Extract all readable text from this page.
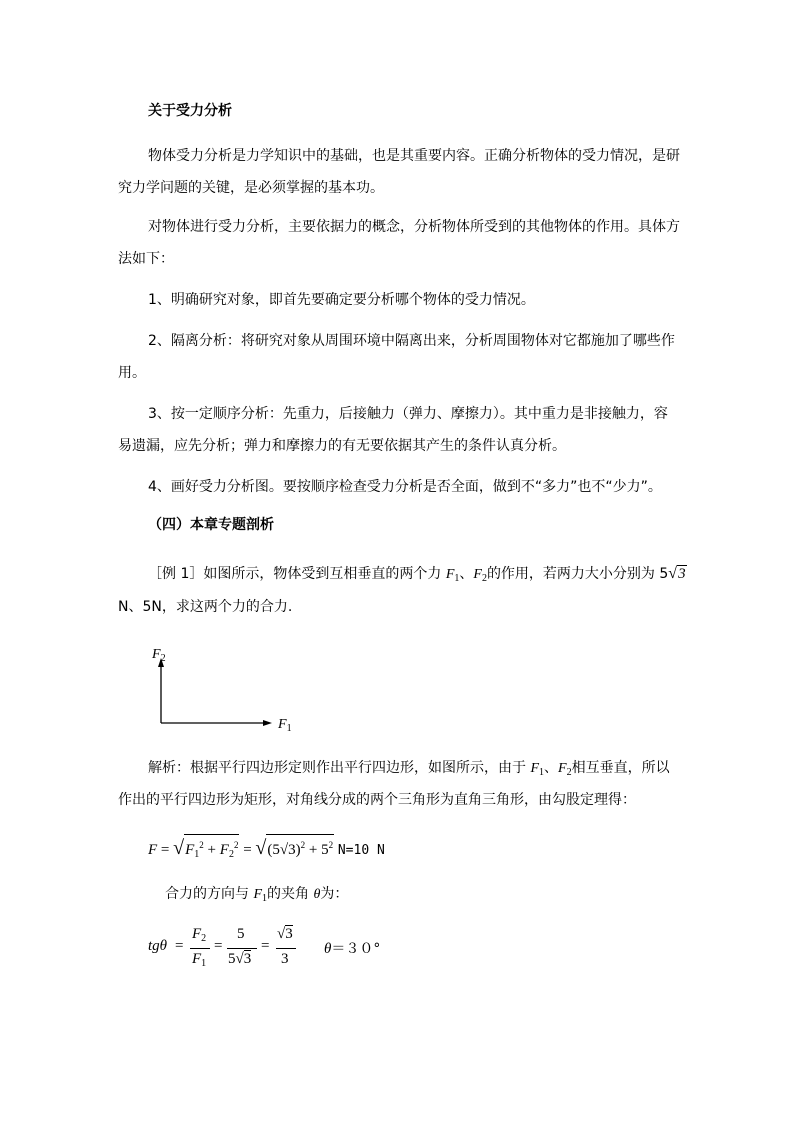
关于受力分析
物体受力分析是力学知识中的基础，也是其重要内容。正确分析物体的受力情况，是研
究力学问题的关键，是必须掌握的基本功。
对物体进行受力分析，主要依据力的概念，分析物体所受到的其他物体的作用。具体方
法如下：
1、明确研究对象，即首先要确定要分析哪个物体的受力情况。
2、隔离分析：将研究对象从周围环境中隔离出来，分析周围物体对它都施加了哪些作
用。
3、按一定顺序分析：先重力，后接触力（弹力、摩擦力）。其中重力是非接触力，容
易遗漏，应先分析；弹力和摩擦力的有无要依据其产生的条件认真分析。
4、画好受力分析图。要按顺序检查受力分析是否全面，做到不“多力”也不“少力”。
（四）本章专题剖析
［例 1］如图所示，物体受到互相垂直的两个力 $F_1$、$F_2$的作用，若两力大小分别为 5√3
N、5N，求这两个力的合力.
$F_2$
$F_1$
解析：根据平行四边形定则作出平行四边形，如图所示，由于 $F_1$、$F_2$相互垂直，所以
作出的平行四边形为矩形，对角线分成的两个三角形为直角三角形，由勾股定理得：
$F = √F_1^2 + F_2^2 = √(5√3)^2 + 5^2$ N=10 N
合力的方向与 $F_1$的夹角 θ为：
tgθ =
$F_2$
$F_1$
=
5
5√3
=
√3
3
θ＝３０°
